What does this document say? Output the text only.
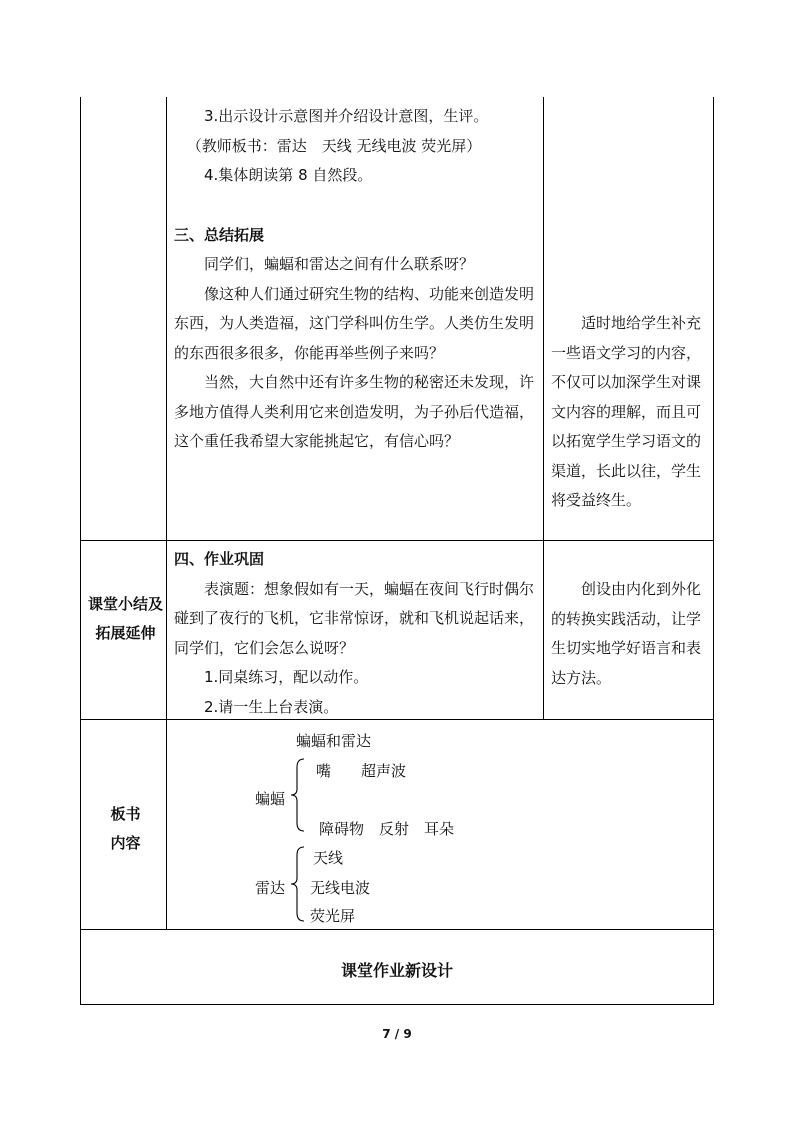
3.出示设计示意图并介绍设计意图，生评。

（教师板书：雷达　天线 无线电波 荧光屏）

4.集体朗读第 8 自然段。

三、总结拓展

同学们，蝙蝠和雷达之间有什么联系呀？

像这种人们通过研究生物的结构、功能来创造发明东西，为人类造福，这门学科叫仿生学。人类仿生发明的东西很多很多，你能再举些例子来吗？

当然，大自然中还有许多生物的秘密还未发现，许多地方值得人类利用它来创造发明，为子孙后代造福，这个重任我希望大家能挑起它，有信心吗？

适时地给学生补充一些语文学习的内容，不仅可以加深学生对课文内容的理解，而且可以拓宽学生学习语文的渠道，长此以往，学生将受益终生。

课堂小结及拓展延伸

四、作业巩固

表演题：想象假如有一天，蝙蝠在夜间飞行时偶尔碰到了夜行的飞机，它非常惊讶，就和飞机说起话来，同学们，它们会怎么说呀？

1.同桌练习，配以动作。

2.请一生上台表演。

创设由内化到外化的转换实践活动，让学生切实地学好语言和表达方法。

板书
内容
蝙蝠和雷达
蝙蝠
嘴　　超声波
障碍物　反射　耳朵
雷达
天线
无线电波
荧光屏
课堂作业新设计
7 / 9
